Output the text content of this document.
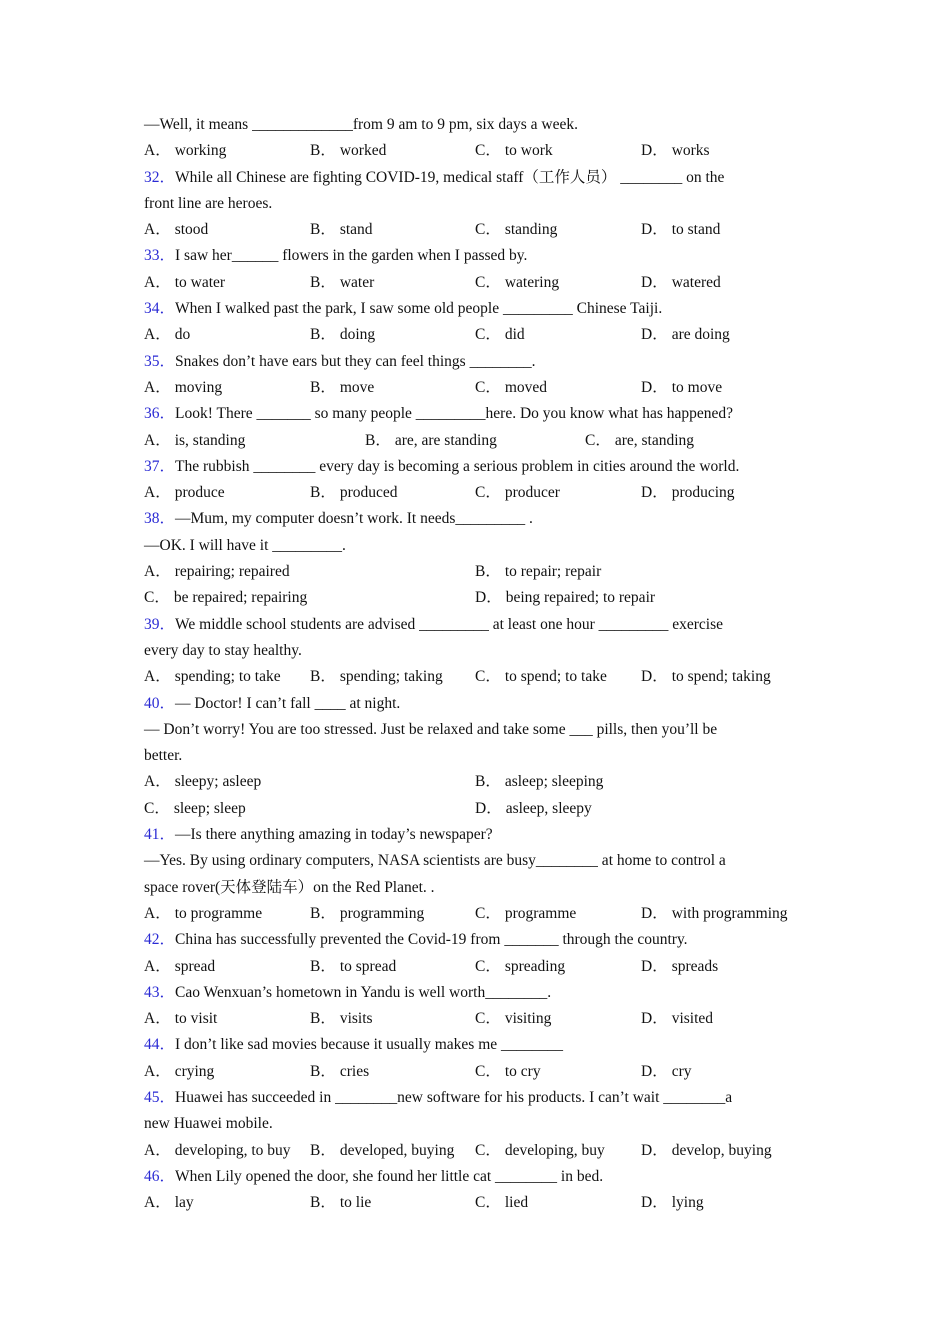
—Well, it means _____________from 9 am to 9 pm, six days a week.
A． working	B． worked	C． to work	D． works
32．While all Chinese are fighting COVID-19, medical staff（工作人员） ________ on the
front line are heroes.
A． stood	B． stand	C． standing	D． to stand
33．I saw her______ flowers in the garden when I passed by.
A． to water	B． water	C． watering	D． watered
34．When I walked past the park, I saw some old people _________ Chinese Taiji.
A． do	B． doing	C． did	D． are doing
35．Snakes don’t have ears but they can feel things ________.
A． moving	B． move	C． moved	D． to move
36．Look! There _______ so many people _________here. Do you know what has happened?
A． is, standing	B． are, are standing	C． are, standing
37．The rubbish ________ every day is becoming a serious problem in cities around the world.
A． produce	B． produced	C． producer	D． producing
38．—Mum, my computer doesn’t work. It needs_________ .
—OK. I will have it _________.
A． repairing; repaired	B． to repair; repair
C． be repaired; repairing	D． being repaired; to repair
39．We middle school students are advised _________ at least one hour _________ exercise
every day to stay healthy.
A． spending; to take B． spending; taking C． to spend; to take D． to spend; taking
40．— Doctor! I can’t fall ____ at night.
— Don’t worry! You are too stressed. Just be relaxed and take some ___ pills, then you’ll be
better.
A． sleepy; asleep	B． asleep; sleeping
C． sleep; sleep	D． asleep, sleepy
41．—Is there anything amazing in today’s newspaper?
—Yes. By using ordinary computers, NASA scientists are busy________ at home to control a
space rover(天体登陆车）on the Red Planet. .
A． to programme	B． programming	C． programme	D． with programming
42．China has successfully prevented the Covid-19 from _______ through the country.
A． spread	B． to spread	C． spreading	D． spreads
43．Cao Wenxuan’s hometown in Yandu is well worth________.
A． to visit	B． visits	C． visiting	D． visited
44．I don’t like sad movies because it usually makes me ________
A． crying	B． cries	C． to cry	D． cry
45．Huawei has succeeded in ________new software for his products. I can’t wait ________a
new Huawei mobile.
A． developing, to buy B． developed, buying C． developing, buy D． develop, buying
46．When Lily opened the door, she found her little cat ________ in bed.
A． lay	B． to lie	C． lied	D． lying
